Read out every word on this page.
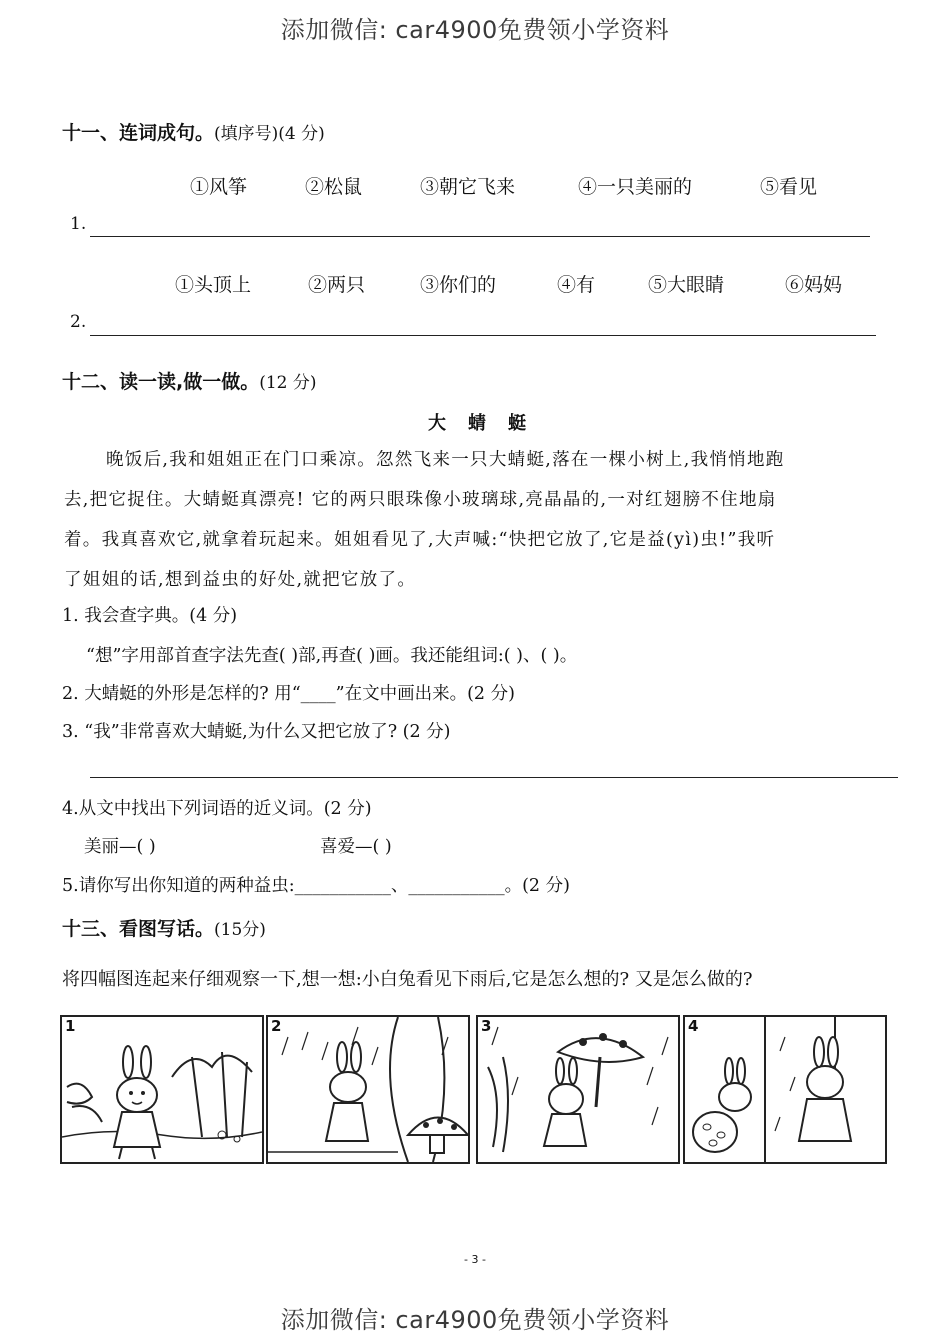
添加微信: car4900免费领小学资料
十一、连词成句。(填序号)(4 分)
①风筝	②松鼠	③朝它飞来	④一只美丽的	⑤看见
1.
①头顶上	②两只	③你们的	④有	⑤大眼睛	⑥妈妈
2.
十二、读一读,做一做。(12 分)
大蜻蜓
晚饭后,我和姐姐正在门口乘凉。忽然飞来一只大蜻蜓,落在一棵小树上,我悄悄地跑
去,把它捉住。大蜻蜓真漂亮! 它的两只眼珠像小玻璃球,亮晶晶的,一对红翅膀不住地扇
着。我真喜欢它,就拿着玩起来。姐姐看见了,大声喊:“快把它放了,它是益(yì)虫!”我听
了姐姐的话,想到益虫的好处,就把它放了。
1. 我会查字典。(4 分)
“想”字用部首查字法先查( )部,再查( )画。我还能组词:( )、( )。
2. 大蜻蜓的外形是怎样的? 用“____”在文中画出来。(2 分)
3. “我”非常喜欢大蜻蜓,为什么又把它放了? (2 分)
4.从文中找出下列词语的近义词。(2 分)
美丽—( )	喜爱—( )
5.请你写出你知道的两种益虫:___________、___________。(2 分)
十三、看图写话。(15分)
将四幅图连起来仔细观察一下,想一想:小白兔看见下雨后,它是怎么想的? 又是怎么做的?
1	2	3	4
- 3 -
添加微信: car4900免费领小学资料
